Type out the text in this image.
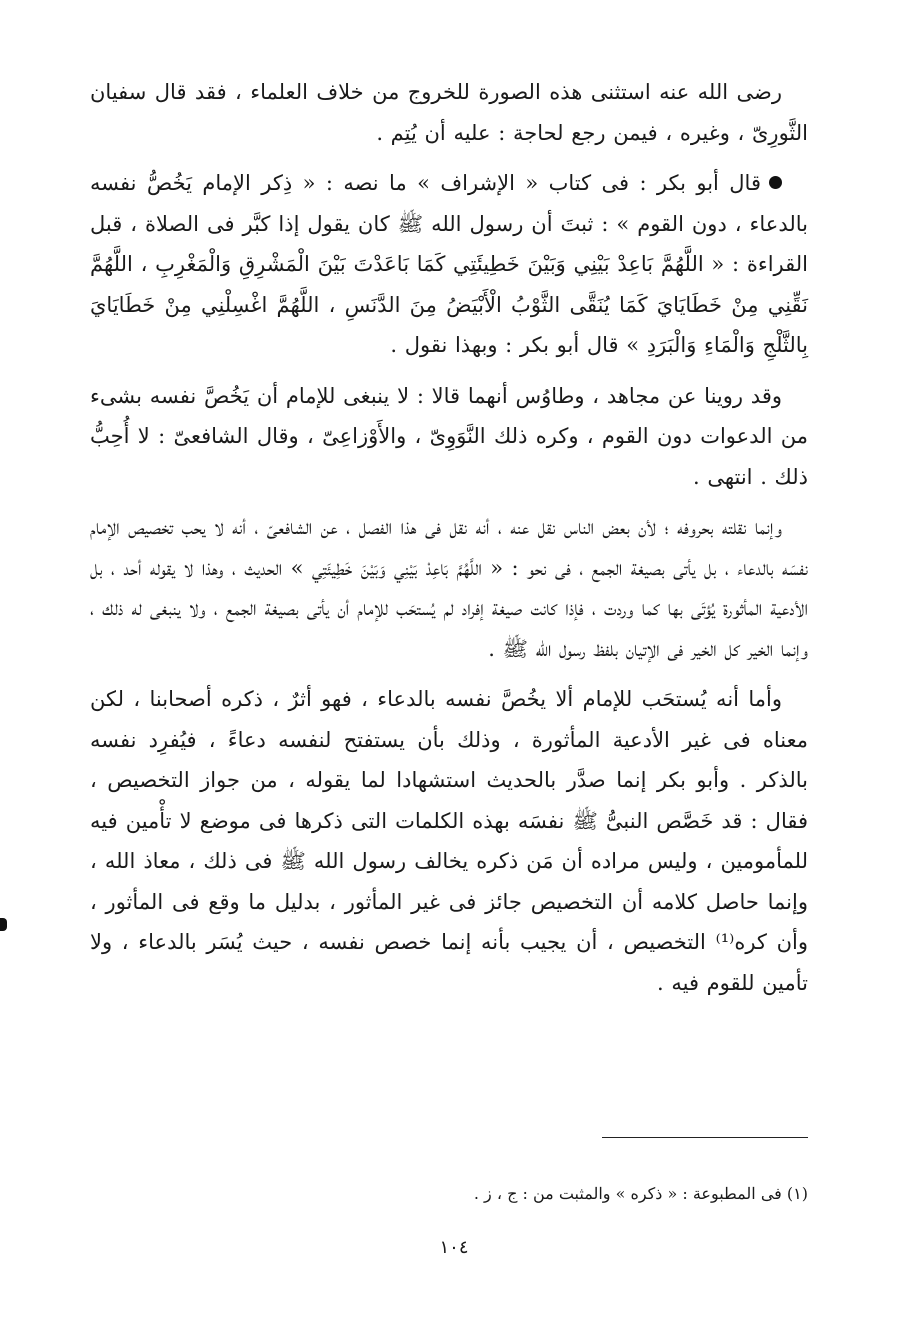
رضى الله عنه استثنى هذه الصورة للخروج من خلاف العلماء ، فقد قال سفيان الثَّورِىّ ، وغيره ، فيمن رجع لحاجة : عليه أن يُتِم .

قال أبو بكر : فى كتاب « الإشراف » ما نصه : « ذِكر الإمام يَخُصُّ نفسه بالدعاء ، دون القوم » : ثبتَ أن رسول الله ﷺ كان يقول إذا كبَّر فى الصلاة ، قبل القراءة : « اللَّهُمَّ بَاعِدْ بَيْنِي وَبَيْنَ خَطِيئَتِي كَمَا بَاعَدْتَ بَيْنَ الْمَشْرِقِ وَالْمَغْرِبِ ، اللَّهُمَّ نَقِّنِي مِنْ خَطَايَايَ كَمَا يُنَقَّى الثَّوْبُ الْأَبْيَضُ مِنَ الدَّنَسِ ، اللَّهُمَّ اغْسِلْنِي مِنْ خَطَايَايَ بِالثَّلْجِ وَالْمَاءِ وَالْبَرَدِ » قال أبو بكر : وبهذا نقول .

وقد روينا عن مجاهد ، وطاوُس أنهما قالا : لا ينبغى للإمام أن يَخُصَّ نفسه بشىء من الدعوات دون القوم ، وكره ذلك النَّوَوِىّ ، والأَوْزاعِىّ ، وقال الشافعىّ : لا أُحِبُّ ذلك . انتهى .

وإنما نقلته بحروفه ؛ لأن بعض الناس نقل عنه ، أنه نقل فى هذا الفصل ، عن الشافعىّ ، أنه لا يحب تخصيص الإمام نفسَه بالدعاء ، بل يأتى بصيغة الجمع ، فى نحو : « اللَّهُمَّ بَاعِدْ بَيْنِي وَبَيْنَ خَطِيئَتِي » الحديث ، وهذا لا يقوله أحد ، بل الأدعية المأثورة يُؤتَى بها كما وردت ، فإذا كانت صيغة إفراد لم يُستحَب للإمام أن يأتى بصيغة الجمع ، ولا ينبغى له ذلك ، وإنما الخير كل الخير فى الإتيان بلفظ رسول الله ﷺ .

وأما أنه يُستحَب للإمام ألا يخُصَّ نفسه بالدعاء ، فهو أثرٌ ، ذكره أصحابنا ، لكن معناه فى غير الأدعية المأثورة ، وذلك بأن يستفتح لنفسه دعاءً ، فيُفرِد نفسه بالذكر . وأبو بكر إنما صدَّر بالحديث استشهادا لما يقوله ، من جواز التخصيص ، فقال : قد خَصَّص النبىُّ ﷺ نفسَه بهذه الكلمات التى ذكرها فى موضع لا تأْمين فيه للمأمومين ، وليس مراده أن مَن ذكره يخالف رسول الله ﷺ فى ذلك ، معاذ الله ، وإنما حاصل كلامه أن التخصيص جائز فى غير المأثور ، بدليل ما وقع فى المأثور ، وأن كره⁽¹⁾ التخصيص ، أن يجيب بأنه إنما خصص نفسه ، حيث يُسَر بالدعاء ، ولا تأمين للقوم فيه .

(١) فى المطبوعة : « ذكره » والمثبت من : ج ، ز .
١٠٤
